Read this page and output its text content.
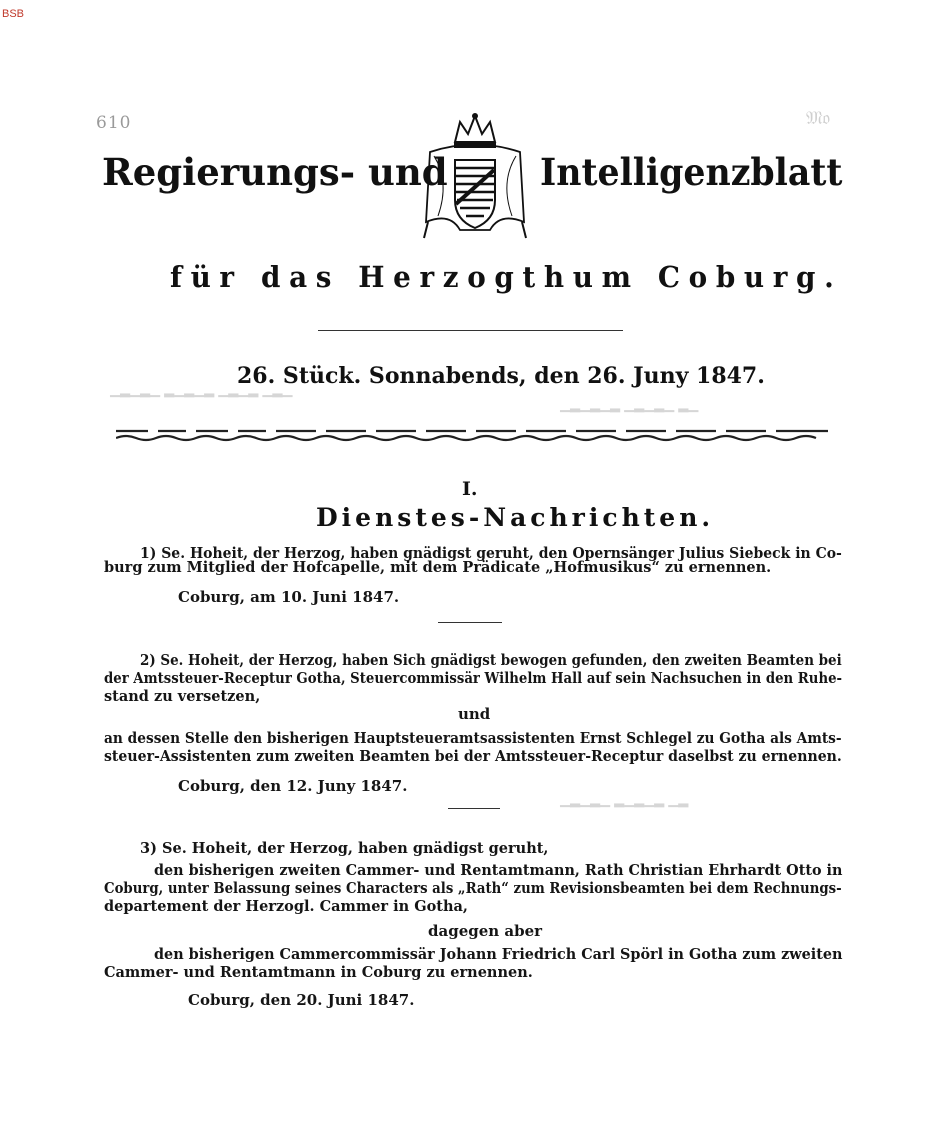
BSB
610	𝔐𝔬
▁▂▁▂▁ ▂▁▂▁▂ ▁▂▁▂ ▁▂▁
▁▂▁▂▁▂ ▁▂▁▂▁ ▂▁
▁▂▁▂▁ ▂▁▂▁▂ ▁▂
Regierungs- und Intelligenzblatt
für das Herzogthum Coburg.
26. Stück. Sonnabends, den 26. Juny 1847.
I.
Dienstes-Nachrichten.
1) Se. Hoheit, der Herzog, haben gnädigst geruht, den Opernsänger Julius Siebeck in Co-
burg zum Mitglied der Hofcapelle, mit dem Prädicate „Hofmusikus“ zu ernennen.
Coburg, am 10. Juni 1847.
2) Se. Hoheit, der Herzog, haben Sich gnädigst bewogen gefunden, den zweiten Beamten bei
der Amtssteuer-Receptur Gotha, Steuercommissär Wilhelm Hall auf sein Nachsuchen in den Ruhe-
stand zu versetzen,
und
an dessen Stelle den bisherigen Hauptsteueramtsassistenten Ernst Schlegel zu Gotha als Amts-
steuer-Assistenten zum zweiten Beamten bei der Amtssteuer-Receptur daselbst zu ernennen.
Coburg, den 12. Juny 1847.
3) Se. Hoheit, der Herzog, haben gnädigst geruht,
den bisherigen zweiten Cammer- und Rentamtmann, Rath Christian Ehrhardt Otto in
Coburg, unter Belassung seines Characters als „Rath“ zum Revisionsbeamten bei dem Rechnungs-
departement der Herzogl. Cammer in Gotha,
dagegen aber
den bisherigen Cammercommissär Johann Friedrich Carl Spörl in Gotha zum zweiten
Cammer- und Rentamtmann in Coburg zu ernennen.
Coburg, den 20. Juni 1847.
